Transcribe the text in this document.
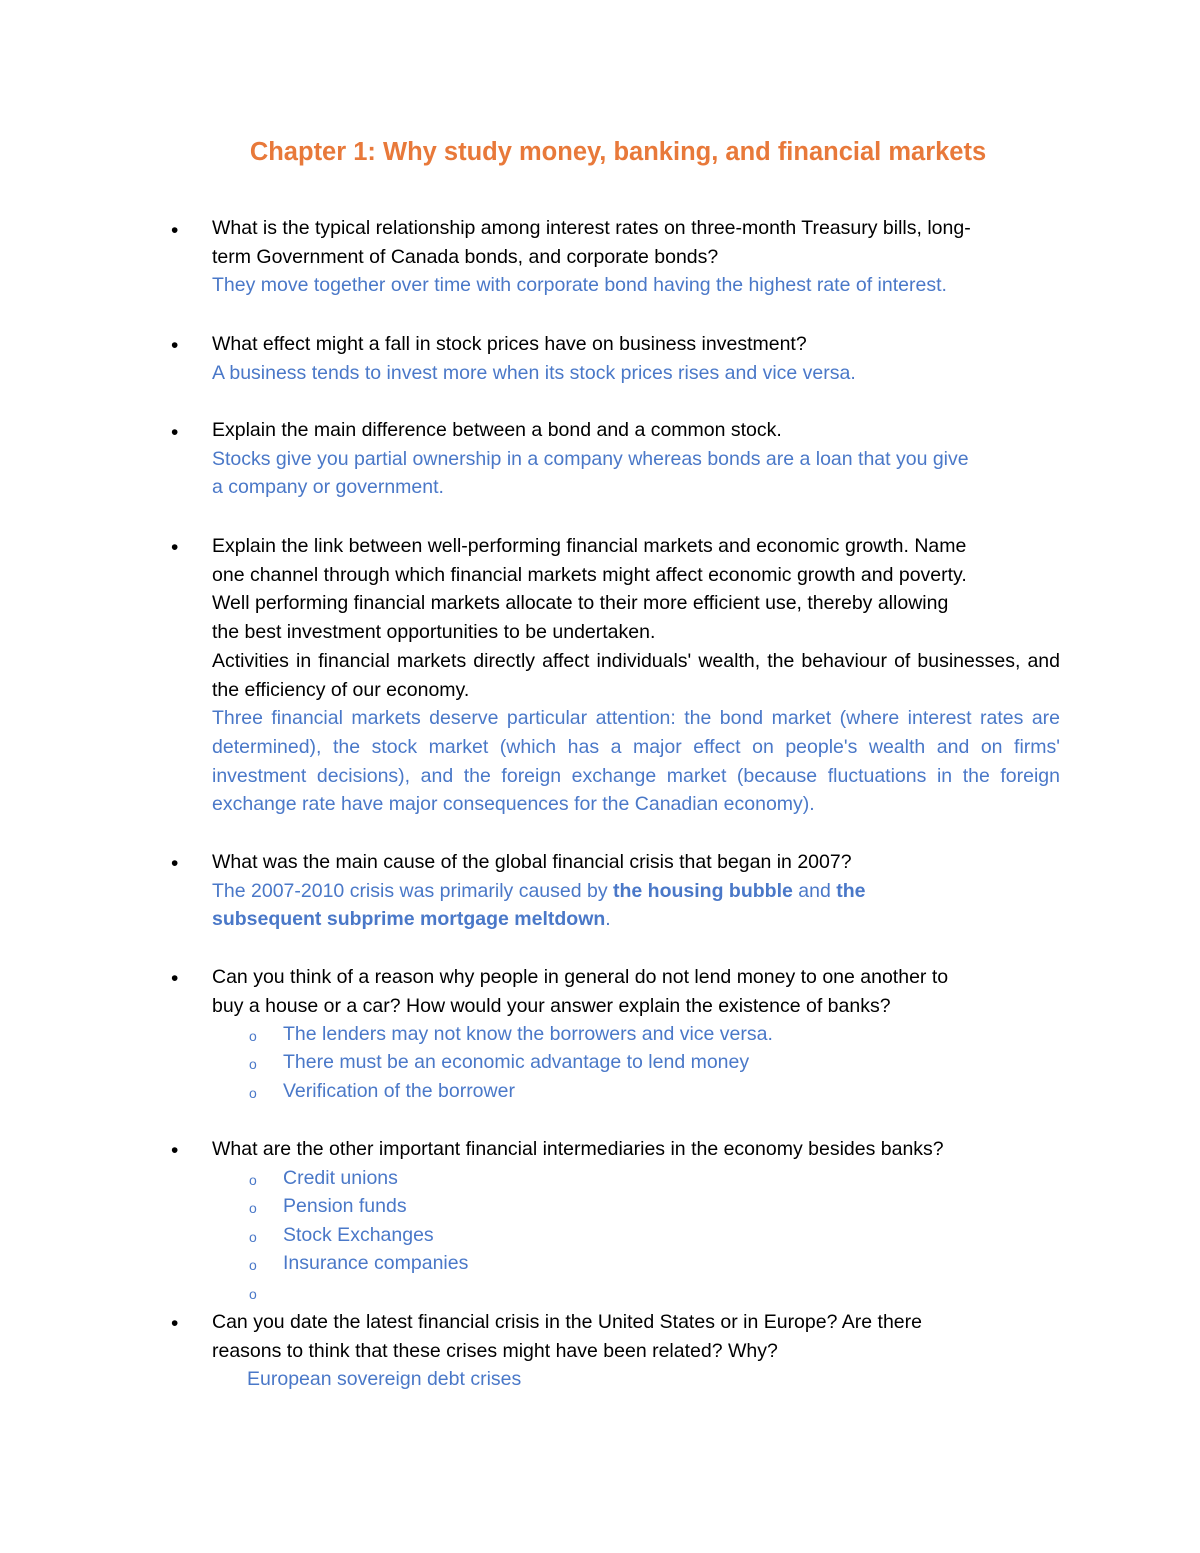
Chapter 1: Why study money, banking, and financial markets
• What is the typical relationship among interest rates on three-month Treasury bills, long-
term Government of Canada bonds, and corporate bonds?
They move together over time with corporate bond having the highest rate of interest.
• What effect might a fall in stock prices have on business investment?
A business tends to invest more when its stock prices rises and vice versa.
• Explain the main difference between a bond and a common stock.
Stocks give you partial ownership in a company whereas bonds are a loan that you give
a company or government.
• Explain the link between well-performing financial markets and economic growth. Name
one channel through which financial markets might affect economic growth and poverty.
Well performing financial markets allocate to their more efficient use, thereby allowing
the best investment opportunities to be undertaken.
Activities in financial markets directly affect individuals' wealth, the behaviour of businesses, and the efficiency of our economy.
Three financial markets deserve particular attention: the bond market (where interest rates are determined), the stock market (which has a major effect on people's wealth and on firms' investment decisions), and the foreign exchange market (because fluctuations in the foreign exchange rate have major consequences for the Canadian economy).
• What was the main cause of the global financial crisis that began in 2007?
The 2007-2010 crisis was primarily caused by the housing bubble and the
subsequent subprime mortgage meltdown.
• Can you think of a reason why people in general do not lend money to one another to
buy a house or a car? How would your answer explain the existence of banks?
o The lenders may not know the borrowers and vice versa.
o There must be an economic advantage to lend money
o Verification of the borrower
• What are the other important financial intermediaries in the economy besides banks?
o Credit unions
o Pension funds
o Stock Exchanges
o Insurance companies
o
• Can you date the latest financial crisis in the United States or in Europe? Are there
reasons to think that these crises might have been related? Why?
European sovereign debt crises
